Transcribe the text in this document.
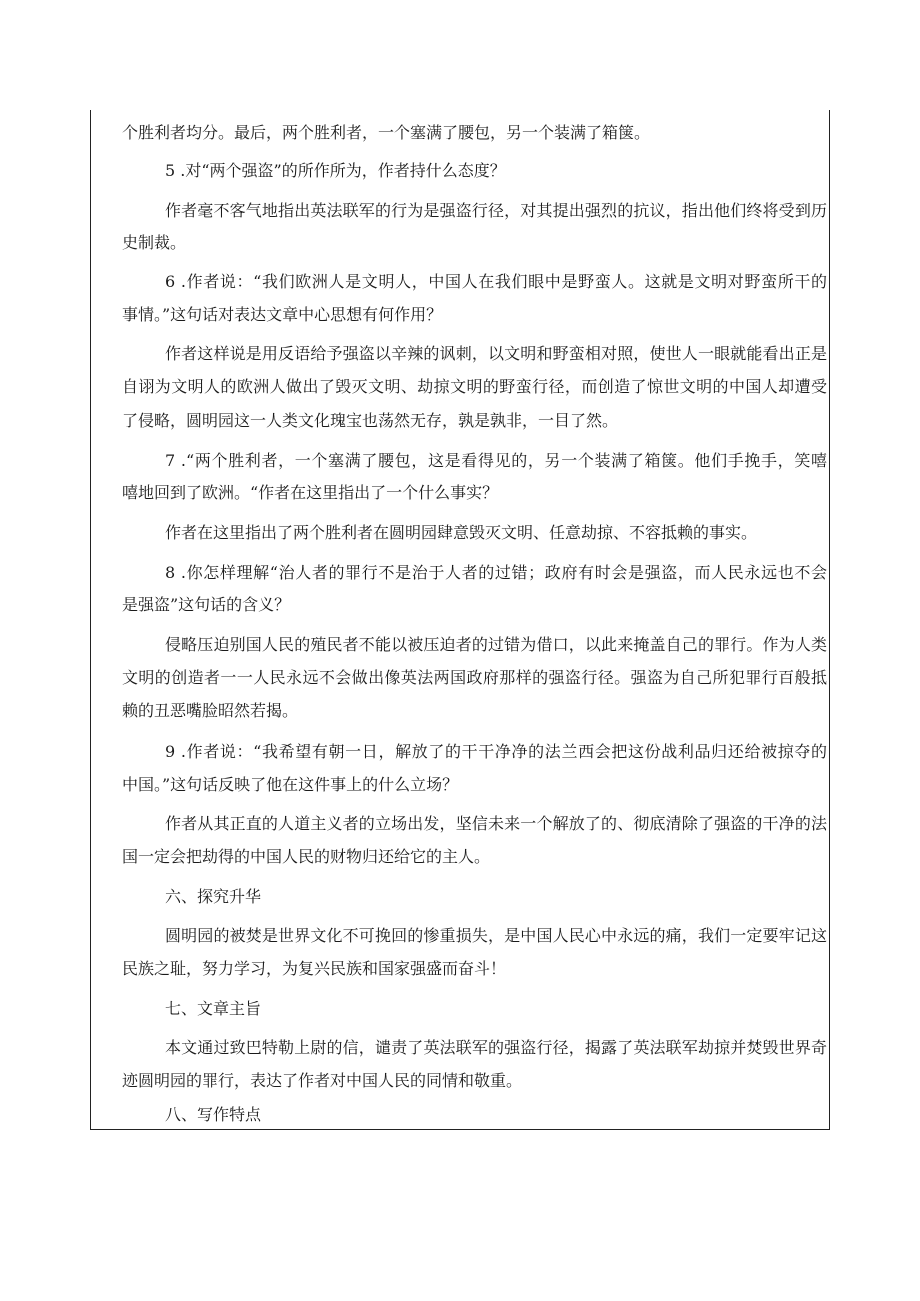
个胜利者均分。最后，两个胜利者，一个塞满了腰包，另一个装满了箱箧。
5 .对“两个强盗”的所作所为，作者持什么态度？
作者毫不客气地指出英法联军的行为是强盗行径，对其提出强烈的抗议，指出他们终将受到历
史制裁。
6 .作者说：“我们欧洲人是文明人，中国人在我们眼中是野蛮人。这就是文明对野蛮所干的
事情。”这句话对表达文章中心思想有何作用？
作者这样说是用反语给予强盗以辛辣的讽刺，以文明和野蛮相对照，使世人一眼就能看出正是
自诩为文明人的欧洲人做出了毁灭文明、劫掠文明的野蛮行径，而创造了惊世文明的中国人却遭受
了侵略，圆明园这一人类文化瑰宝也荡然无存，孰是孰非，一目了然。
7 .“两个胜利者，一个塞满了腰包，这是看得见的，另一个装满了箱箧。他们手挽手，笑嘻
嘻地回到了欧洲。“作者在这里指出了一个什么事实？
作者在这里指出了两个胜利者在圆明园肆意毁灭文明、任意劫掠、不容抵赖的事实。
8 .你怎样理解“治人者的罪行不是治于人者的过错；政府有时会是强盗，而人民永远也不会
是强盗”这句话的含义？
侵略压迫别国人民的殖民者不能以被压迫者的过错为借口，以此来掩盖自己的罪行。作为人类
文明的创造者一一人民永远不会做出像英法两国政府那样的强盗行径。强盗为自己所犯罪行百般抵
赖的丑恶嘴脸昭然若揭。
9 .作者说：“我希望有朝一日，解放了的干干净净的法兰西会把这份战利品归还给被掠夺的
中国。”这句话反映了他在这件事上的什么立场？
作者从其正直的人道主义者的立场出发，坚信未来一个解放了的、彻底清除了强盗的干净的法
国一定会把劫得的中国人民的财物归还给它的主人。
六、探究升华
圆明园的被焚是世界文化不可挽回的惨重损失，是中国人民心中永远的痛，我们一定要牢记这
民族之耻，努力学习，为复兴民族和国家强盛而奋斗！
七、文章主旨
本文通过致巴特勒上尉的信，谴责了英法联军的强盗行径，揭露了英法联军劫掠并焚毁世界奇
迹圆明园的罪行，表达了作者对中国人民的同情和敬重。
八、写作特点
